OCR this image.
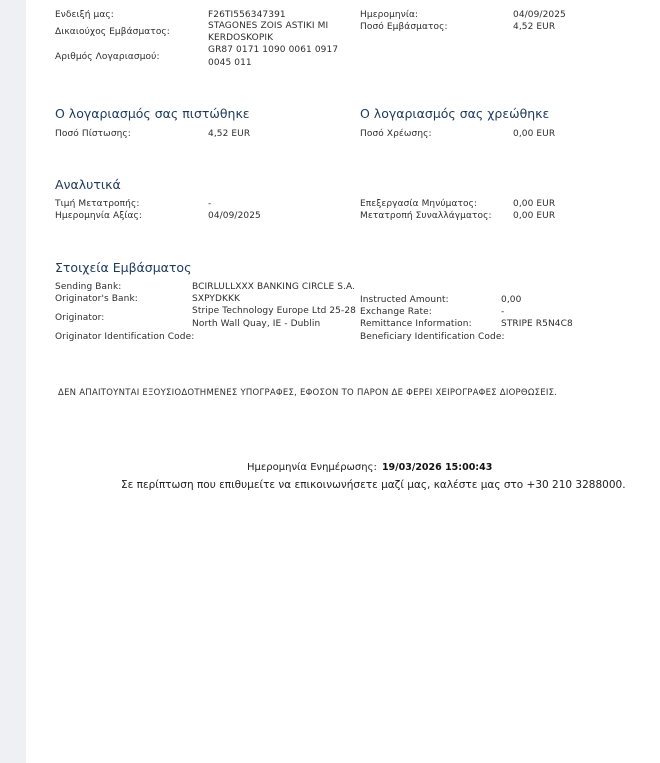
Ενδειξή μας:	F26TI556347391
Δικαιούχος Εμβάσματος:
STAGONES ZOIS ASTIKI MI
KERDOSKOPIK
Αριθμός Λογαριασμού:
GR87 0171 1090 0061 0917
0045 011
Ημερομηνία:	04/09/2025
Ποσό Εμβάσματος:	4,52 EUR
Ο λογαριασμός σας πιστώθηκε
Ποσό Πίστωσης:	4,52 EUR
Ο λογαριασμός σας χρεώθηκε
Ποσό Χρέωσης:	0,00 EUR
Αναλυτικά
Τιμή Μετατροπής:	-
Ημερομηνία Αξίας:	04/09/2025
Επεξεργασία Μηνύματος:	0,00 EUR
Μετατροπή Συναλλάγματος: 0,00 EUR
Στοιχεία Εμβάσματος
Sending Bank:	BCIRLULLXXX BANKING CIRCLE S.A.
Originator's Bank:	SXPYDKKK
Originator:
Stripe Technology Europe Ltd 25-28
North Wall Quay, IE - Dublin
Originator Identification Code:
Instructed Amount:	0,00
Exchange Rate:	-
Remittance Information:	STRIPE R5N4C8
Beneficiary Identification Code:
ΔΕΝ ΑΠΑΙΤΟΥΝΤΑΙ ΕΞΟΥΣΙΟΔΟΤΗΜΕΝΕΣ ΥΠΟΓΡΑΦΕΣ, ΕΦΟΣΟΝ ΤΟ ΠΑΡΟΝ ΔΕ ΦΕΡΕΙ ΧΕΙΡΟΓΡΑΦΕΣ ΔΙΟΡΘΩΣΕΙΣ.
Ημερομηνία Ενημέρωσης: 19/03/2026 15:00:43
Σε περίπτωση που επιθυμείτε να επικοινωνήσετε μαζί μας, καλέστε μας στο +30 210 3288000.
